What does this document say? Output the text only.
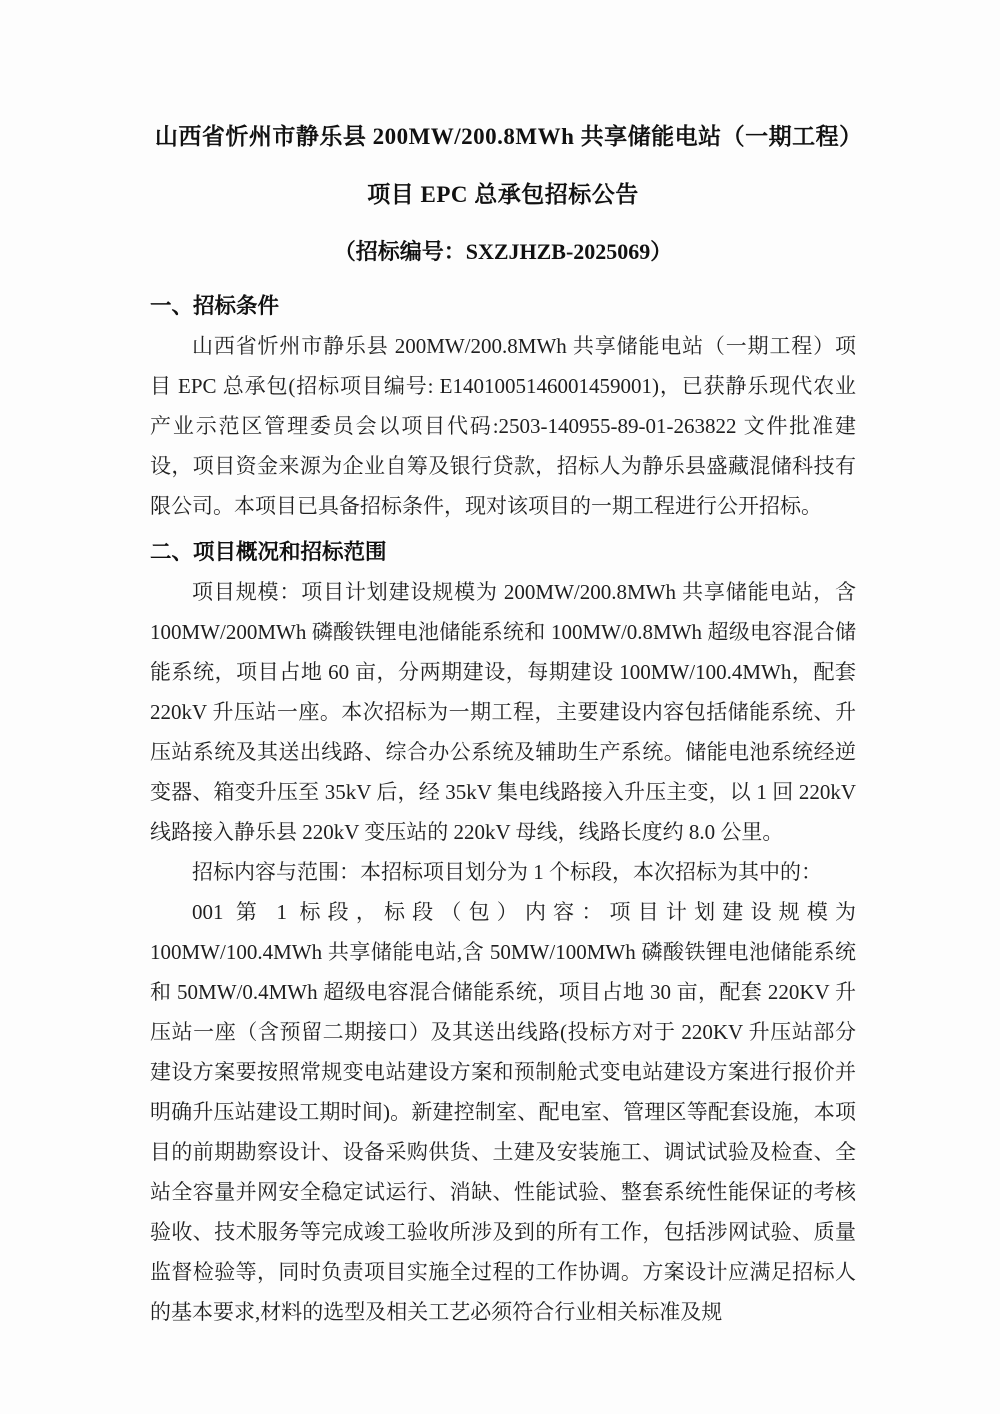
山西省忻州市静乐县 200MW/200.8MWh 共享储能电站（一期工程）项目 EPC 总承包招标公告
（招标编号：SXZJHZB-2025069）
一、招标条件

山西省忻州市静乐县 200MW/200.8MWh 共享储能电站（一期工程）项目 EPC 总承包(招标项目编号: E1401005146001459001)，已获静乐现代农业产业示范区管理委员会以项目代码:2503-140955-89-01-263822 文件批准建设，项目资金来源为企业自筹及银行贷款，招标人为静乐县盛藏混储科技有限公司。本项目已具备招标条件，现对该项目的一期工程进行公开招标。

二、项目概况和招标范围

项目规模：项目计划建设规模为 200MW/200.8MWh 共享储能电站，含 100MW/200MWh 磷酸铁锂电池储能系统和 100MW/0.8MWh 超级电容混合储能系统，项目占地 60 亩，分两期建设，每期建设 100MW/100.4MWh，配套 220kV 升压站一座。本次招标为一期工程，主要建设内容包括储能系统、升压站系统及其送出线路、综合办公系统及辅助生产系统。储能电池系统经逆变器、箱变升压至 35kV 后，经 35kV 集电线路接入升压主变，以 1 回 220kV 线路接入静乐县 220kV 变压站的 220kV 母线，线路长度约 8.0 公里。

招标内容与范围：本招标项目划分为 1 个标段，本次招标为其中的：

001 第 1 标段，标段（包）内容：项目计划建设规模为 100MW/100.4MWh 共享储能电站,含 50MW/100MWh 磷酸铁锂电池储能系统和 50MW/0.4MWh 超级电容混合储能系统，项目占地 30 亩，配套 220KV 升压站一座（含预留二期接口）及其送出线路(投标方对于 220KV 升压站部分建设方案要按照常规变电站建设方案和预制舱式变电站建设方案进行报价并明确升压站建设工期时间)。新建控制室、配电室、管理区等配套设施，本项目的前期勘察设计、设备采购供货、土建及安装施工、调试试验及检查、全站全容量并网安全稳定试运行、消缺、性能试验、整套系统性能保证的考核验收、技术服务等完成竣工验收所涉及到的所有工作，包括涉网试验、质量监督检验等，同时负责项目实施全过程的工作协调。方案设计应满足招标人的基本要求,材料的选型及相关工艺必须符合行业相关标准及规
